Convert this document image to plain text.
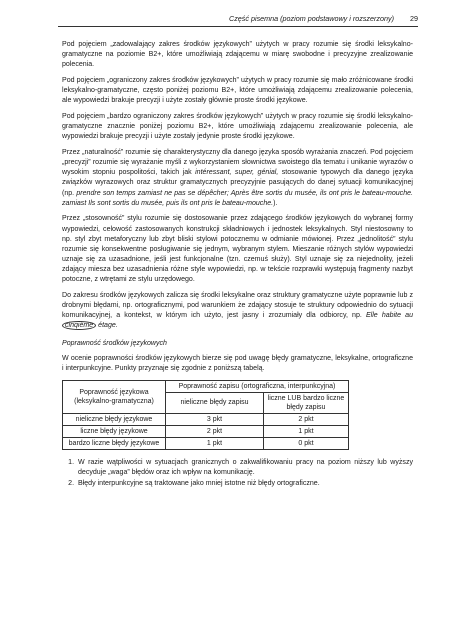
Część pisemna (poziom podstawowy i rozszerzony) 29

Pod pojęciem „zadowalający zakres środków językowych” użytych w pracy rozumie się środki leksykalno-gramatyczne na poziomie B2+, które umożliwiają zdającemu w miarę swobodne i precyzyjne zrealizowanie polecenia.

Pod pojęciem „ograniczony zakres środków językowych” użytych w pracy rozumie się mało zróżnicowane środki leksykalno-gramatyczne, często poniżej poziomu B2+, które umożliwiają zdającemu zrealizowanie polecenia, ale wypowiedzi brakuje precyzji i użyte zostały głównie proste środki językowe.

Pod pojęciem „bardzo ograniczony zakres środków językowych” użytych w pracy rozumie się środki leksykalno-gramatyczne znacznie poniżej poziomu B2+, które umożliwiają zdającemu zrealizowanie polecenia, ale wypowiedzi brakuje precyzji i użyte zostały jedynie proste środki językowe.

Przez „naturalność” rozumie się charakterystyczny dla danego języka sposób wyrażania znaczeń. Pod pojęciem „precyzji” rozumie się wyrażanie myśli z wykorzystaniem słownictwa swoistego dla tematu i unikanie wyrazów o wysokim stopniu pospolitości, takich jak intéressant, super, génial, stosowanie typowych dla danego języka związków wyrazowych oraz struktur gramatycznych precyzyjnie pasujących do danej sytuacji komunikacyjnej (np. prendre son temps zamiast ne pas se dépêcher; Après être sortis du musée, ils ont pris le bateau-mouche. zamiast Ils sont sortis du musée, puis ils ont pris le bateau-mouche.).

Przez „stosowność” stylu rozumie się dostosowanie przez zdającego środków językowych do wybranej formy wypowiedzi, celowość zastosowanych konstrukcji składniowych i jednostek leksykalnych. Styl niestosowny to np. styl zbyt metaforyczny lub zbyt bliski stylowi potocznemu w odmianie mówionej. Przez „jednolitość” stylu rozumie się konsekwentne posługiwanie się jednym, wybranym stylem. Mieszanie różnych stylów wypowiedzi uznaje się za uzasadnione, jeśli jest funkcjonalne (tzn. czemuś służy). Styl uznaje się za niejednolity, jeżeli zdający miesza bez uzasadnienia różne style wypowiedzi, np. w tekście rozprawki występują fragmenty nazbyt potoczne, z wtrętami ze stylu urzędowego.

Do zakresu środków językowych zalicza się środki leksykalne oraz struktury gramatyczne użyte poprawnie lub z drobnymi błędami, np. ortograficznymi, pod warunkiem że zdający stosuje te struktury odpowiednio do sytuacji komunikacyjnej, a kontekst, w którym ich użyto, jest jasny i zrozumiały dla odbiorcy, np. Elle habite au cinqième étage.

Poprawność środków językowych

W ocenie poprawności środków językowych bierze się pod uwagę błędy gramatyczne, leksykalne, ortograficzne i interpunkcyjne. Punkty przyznaje się zgodnie z poniższą tabelą.

Poprawność językowa (leksykalno-gramatyczna)	Poprawność zapisu (ortograficzna, interpunkcyjna)	
	nieliczne błędy zapisu	liczne LUB bardzo liczne błędy zapisu
nieliczne błędy językowe	3 pkt	2 pkt
liczne błędy językowe	2 pkt	1 pkt
bardzo liczne błędy językowe	1 pkt	0 pkt
1. W razie wątpliwości w sytuacjach granicznych o zakwalifikowaniu pracy na poziom niższy lub wyższy decyduje „waga” błędów oraz ich wpływ na komunikację.
2. Błędy interpunkcyjne są traktowane jako mniej istotne niż błędy ortograficzne.
